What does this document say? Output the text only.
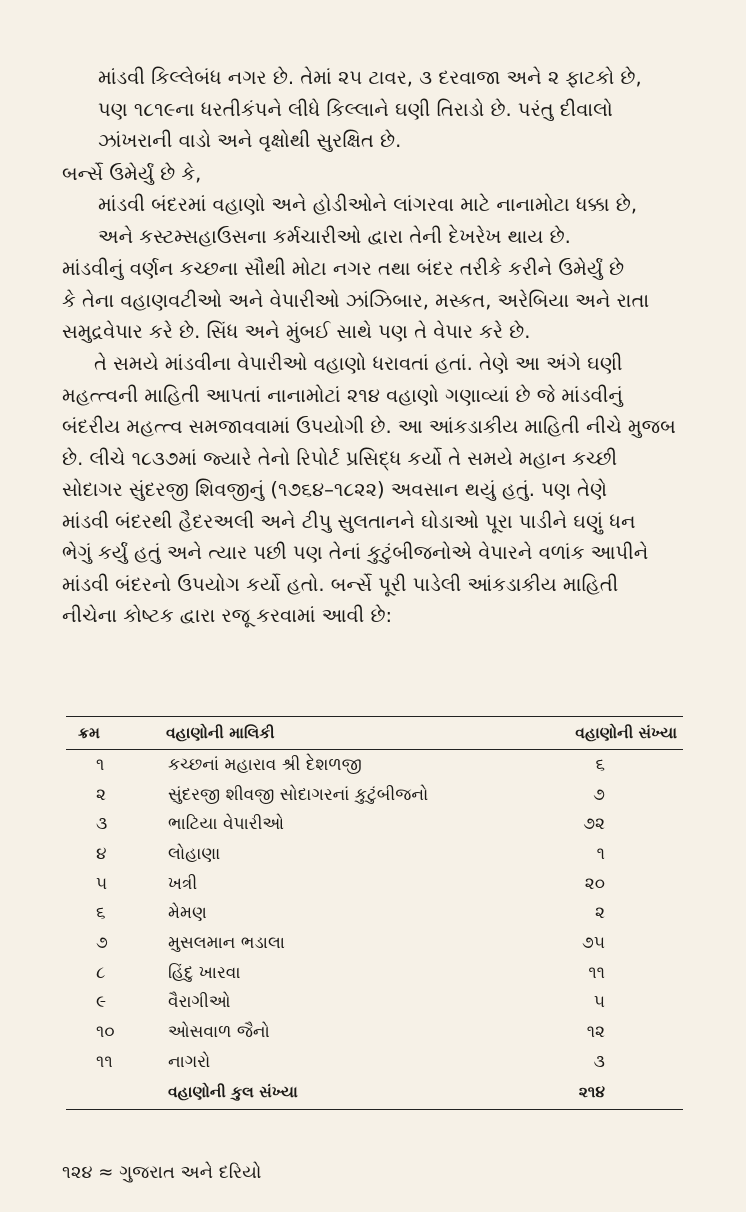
માંડવી કિલ્લેબંધ નગર છે. તેમાં ૨૫ ટાવર, ૩ દરવાજા અને ૨ ફાટકો છે,
પણ ૧૮૧૯ના ધરતીકંપને લીધે કિલ્લાને ઘણી તિરાડો છે. પરંતુ દીવાલો
ઝાંખરાની વાડો અને વૃક્ષોથી સુરક્ષિત છે.
બર્ન્સે ઉમેર્યું છે કે,
માંડવી બંદરમાં વહાણો અને હોડીઓને લાંગરવા માટે નાનામોટા ધક્કા છે,
અને કસ્ટમ્સહાઉસના કર્મચારીઓ દ્વારા તેની દેખરેખ થાય છે.
માંડવીનું વર્ણન કચ્છના સૌથી મોટા નગર તથા બંદર તરીકે કરીને ઉમેર્યું છે
કે તેના વહાણવટીઓ અને વેપારીઓ ઝાંઝિબાર, મસ્કત, અરેબિયા અને રાતા
સમુદ્રવેપાર કરે છે. સિંધ અને મુંબઈ સાથે પણ તે વેપાર કરે છે.
તે સમયે માંડવીના વેપારીઓ વહાણો ધરાવતાં હતાં. તેણે આ અંગે ઘણી
મહત્ત્વની માહિતી આપતાં નાનામોટાં ૨૧૪ વહાણો ગણાવ્યાં છે જે માંડવીનું
બંદરીય મહત્ત્વ સમજાવવામાં ઉપયોગી છે. આ આંકડાકીય માહિતી નીચે મુજબ
છે. લીચે ૧૮૩૭માં જ્યારે તેનો રિપોર્ટ પ્રસિદ્ધ કર્યો તે સમયે મહાન કચ્છી
સોદાગર સુંદરજી શિવજીનું (૧૭૬૪–૧૮૨૨) અવસાન થયું હતું. પણ તેણે
માંડવી બંદરથી હૈદરઅલી અને ટીપુ સુલતાનને ઘોડાઓ પૂરા પાડીને ઘણું ધન
ભેગું કર્યું હતું અને ત્યાર પછી પણ તેનાં કુટુંબીજનોએ વેપારને વળાંક આપીને
માંડવી બંદરનો ઉપયોગ કર્યો હતો. બર્ન્સે પૂરી પાડેલી આંકડાકીય માહિતી
નીચેના કોષ્ટક દ્વારા રજૂ કરવામાં આવી છે:
ક્રમ	વહાણોની માલિકી	વહાણોની સંખ્યા
૧	કચ્છનાં મહારાવ શ્રી દેશળજી	૬
૨	સુંદરજી શીવજી સોદાગરનાં કુટુંબીજનો	૭
૩	ભાટિયા વેપારીઓ	૭૨
૪	લોહાણા	૧
૫	ખત્રી	૨૦
૬	મેમણ	૨
૭	મુસલમાન ભડાલા	૭૫
૮	હિંદુ ખારવા	૧૧
૯	વૈરાગીઓ	૫
૧૦	ઓસવાળ જૈનો	૧૨
૧૧	નાગરો	૩
	વહાણોની કુલ સંખ્યા	૨૧૪
૧૨૪ ≈ ગુજરાત અને દરિયો
